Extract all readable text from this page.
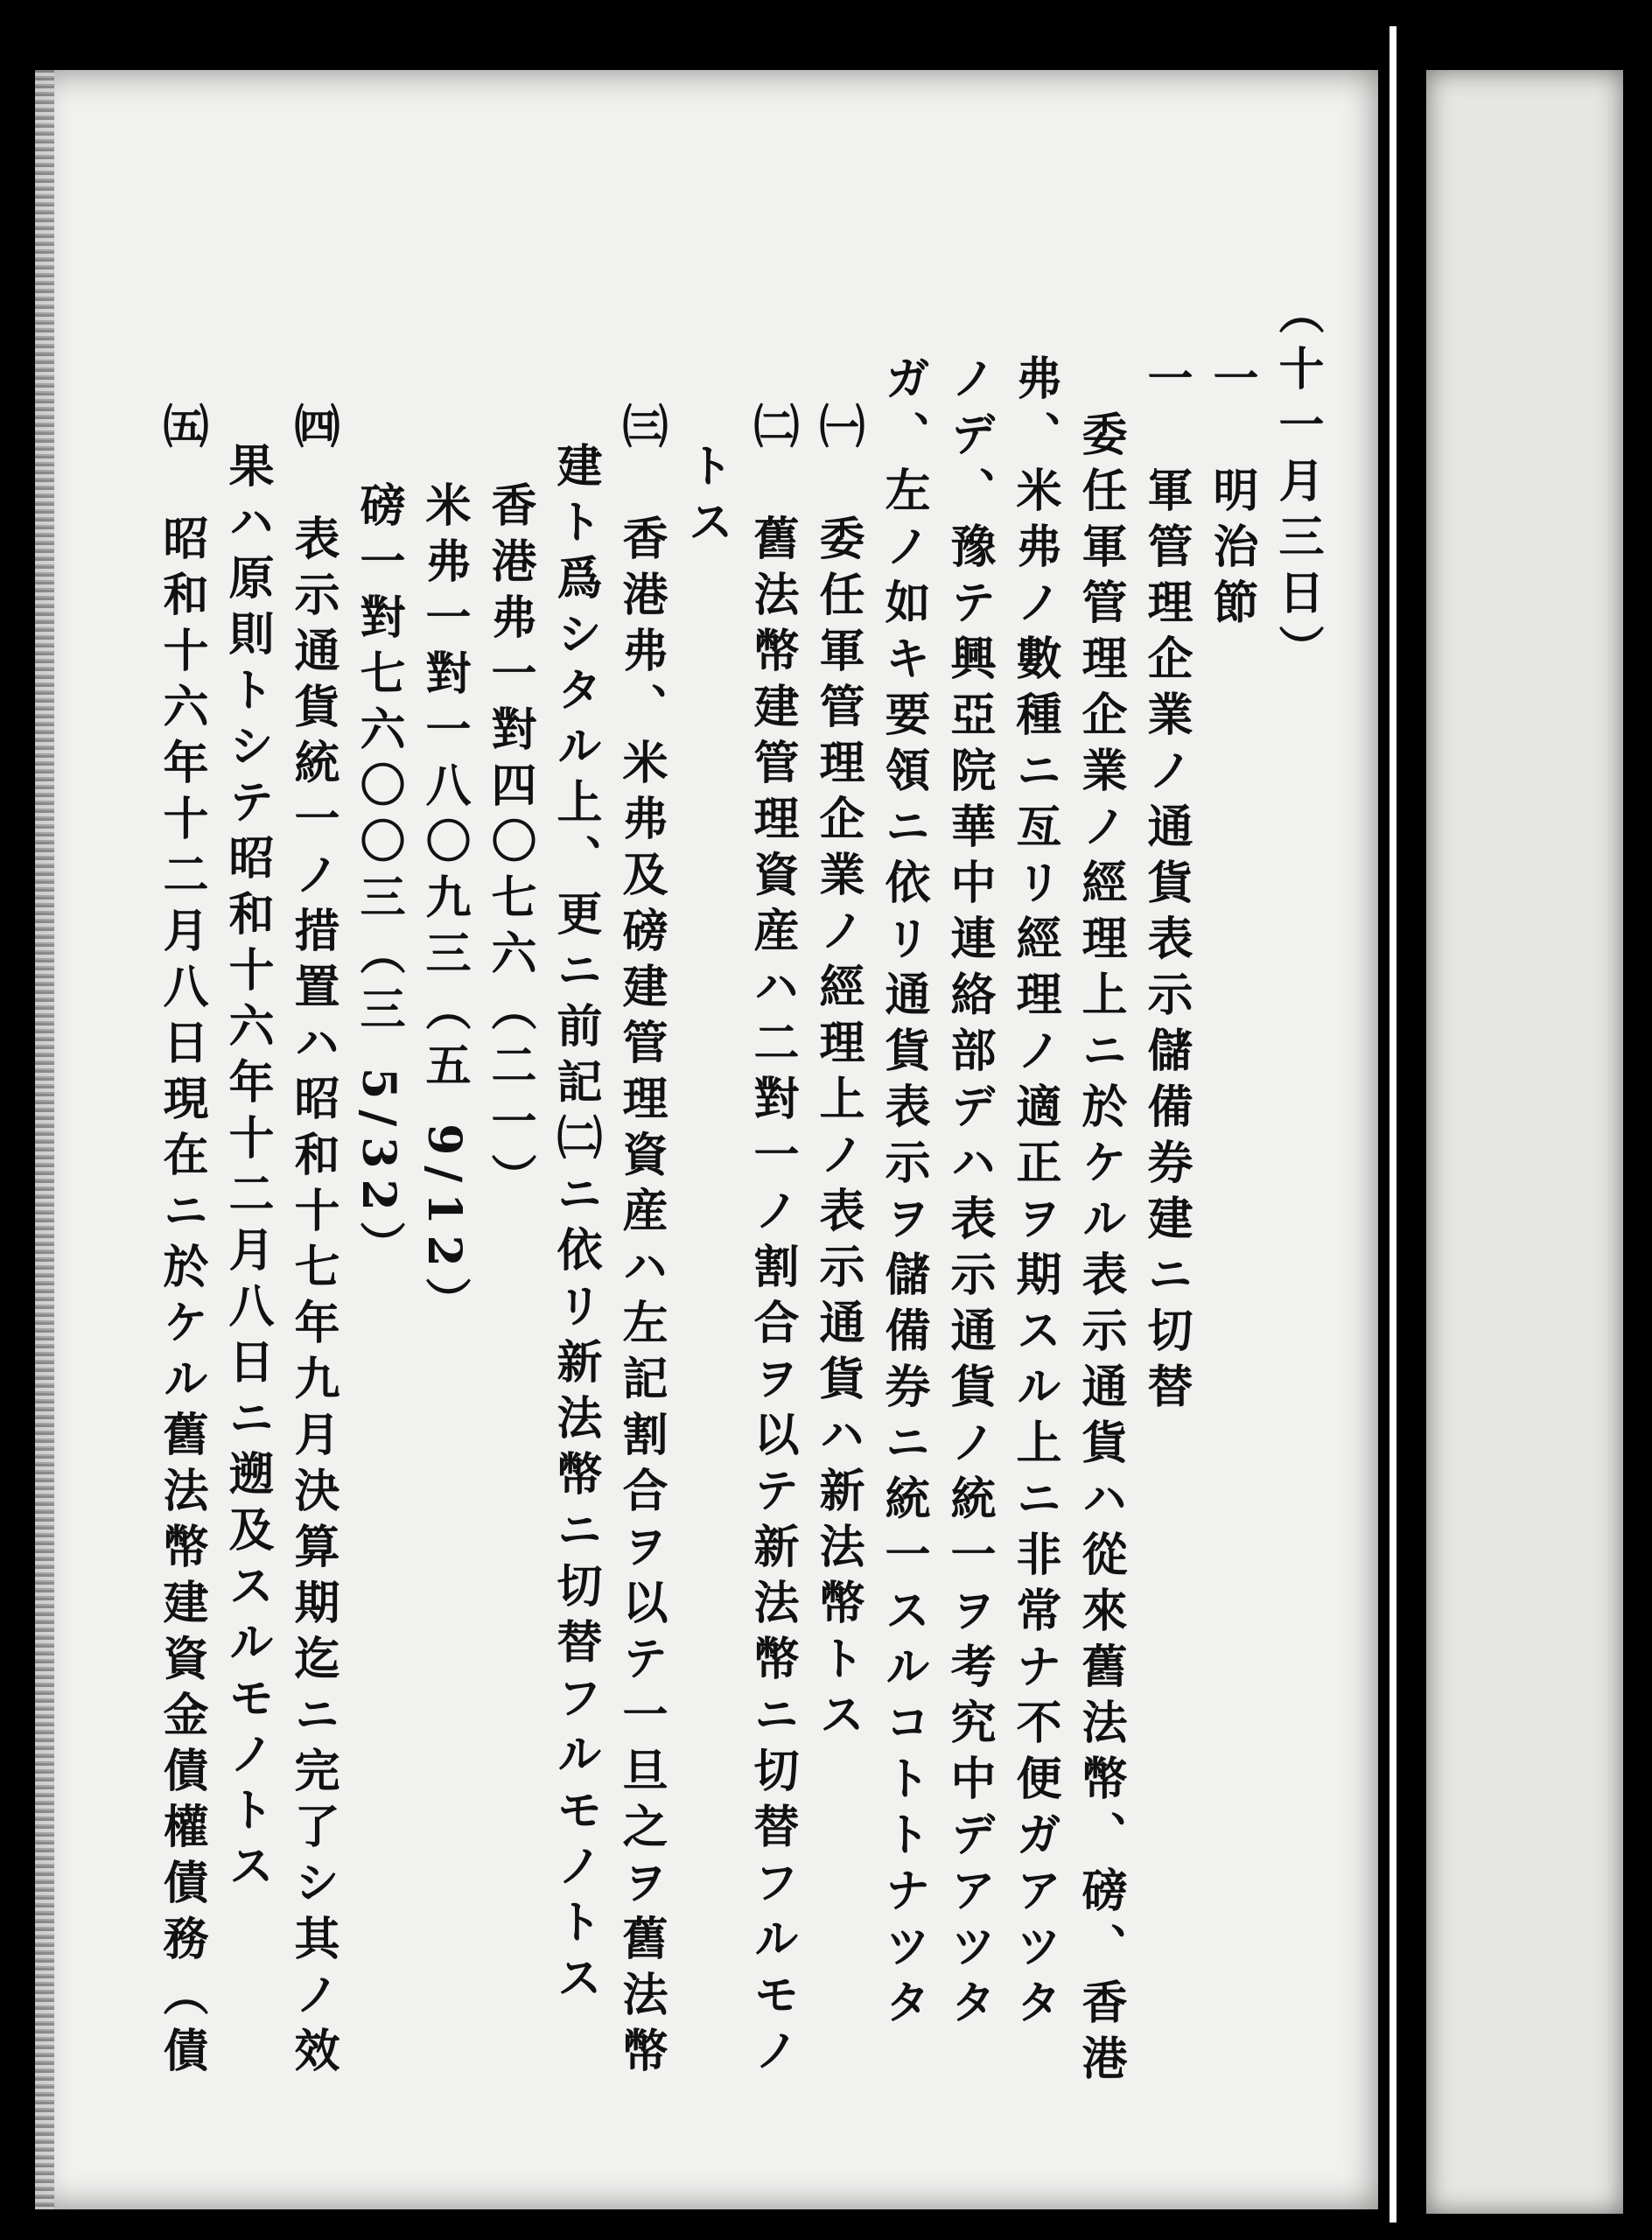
（十一月三日）
一　明治節
一　軍管理企業ノ通貨表示儲備券建ニ切替
　委任軍管理企業ノ經理上ニ於ケル表示通貨ハ從來舊法幣、磅、香港
弗、米弗ノ數種ニ亙リ經理ノ適正ヲ期スル上ニ非常ナ不便ガアツタ
ノデ、豫テ興亞院華中連絡部デハ表示通貨ノ統一ヲ考究中デアツタ
ガ、左ノ如キ要領ニ依リ通貨表示ヲ儲備券ニ統一スルコトトナツタ
㈠　委任軍管理企業ノ經理上ノ表示通貨ハ新法幣トス
㈡　舊法幣建管理資産ハ二對一ノ割合ヲ以テ新法幣ニ切替フルモノ
トス
㈢　香港弗、米弗及磅建管理資産ハ左記割合ヲ以テ一旦之ヲ舊法幣
建ト爲シタル上、更ニ前記㈡ニ依リ新法幣ニ切替フルモノトス
香港弗一對四〇七六（二一）
米弗一對一八〇九三（五 9/12）
磅一對七六〇〇三（三 5/32）
㈣　表示通貨統一ノ措置ハ昭和十七年九月決算期迄ニ完了シ其ノ效
果ハ原則トシテ昭和十六年十二月八日ニ遡及スルモノトス
㈤　昭和十六年十二月八日現在ニ於ケル舊法幣建資金債權債務（債
